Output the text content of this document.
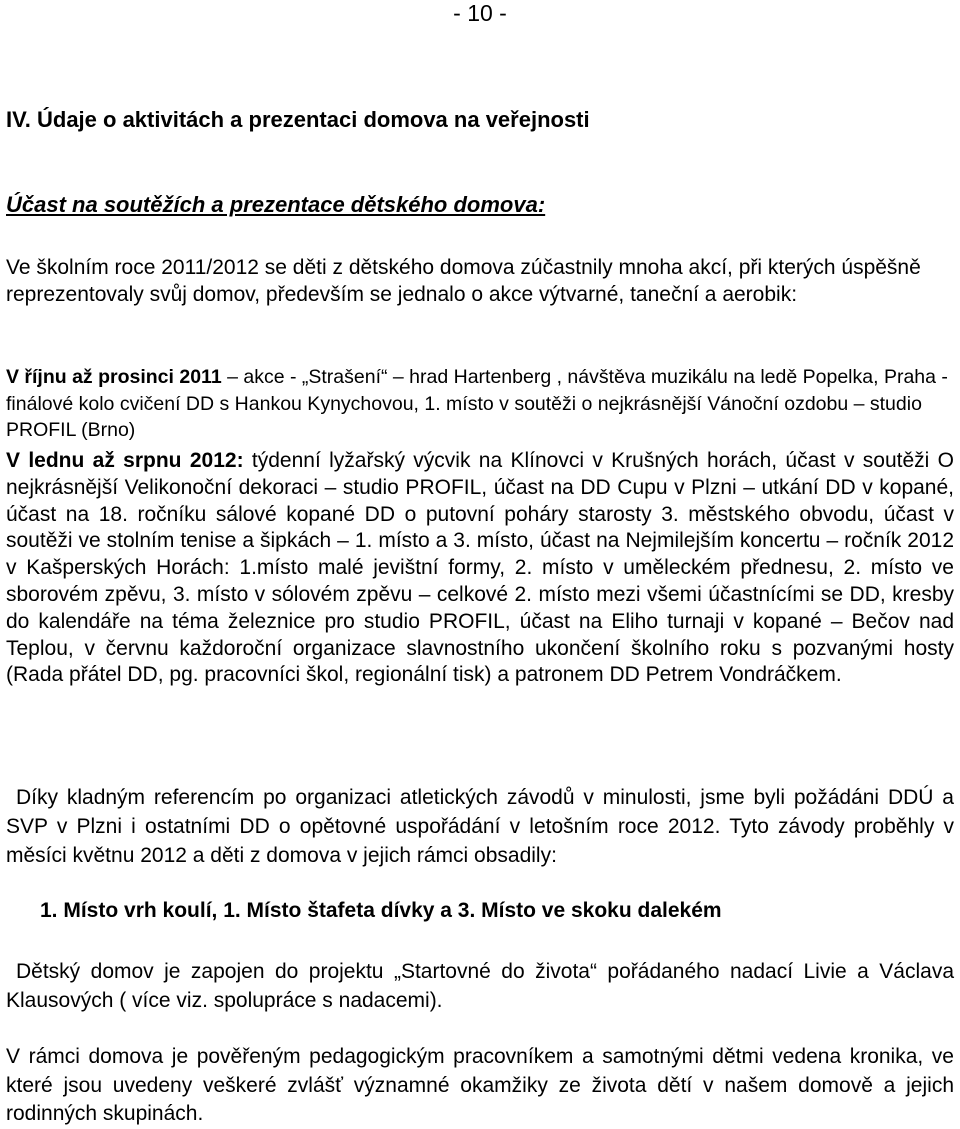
- 10 -
IV. Údaje o aktivitách a prezentaci domova na veřejnosti
Účast na soutěžích a prezentace dětského domova:

Ve školním roce 2011/2012 se děti z dětského domova zúčastnily mnoha akcí, při kterých úspěšně reprezentovaly svůj domov, především se jednalo o akce výtvarné, taneční a aerobik:

V říjnu až prosinci 2011 – akce - „Strašení“ – hrad Hartenberg , návštěva muzikálu na ledě Popelka, Praha - finálové kolo cvičení DD s Hankou Kynychovou, 1. místo v soutěži o nejkrásnější Vánoční ozdobu – studio PROFIL (Brno)

V lednu až srpnu 2012: týdenní lyžařský výcvik na Klínovci v Krušných horách, účast v soutěži O nejkrásnější Velikonoční dekoraci – studio PROFIL, účast na DD Cupu v Plzni – utkání DD v kopané, účast na 18. ročníku sálové kopané DD o putovní poháry starosty 3. městského obvodu, účast v soutěži ve stolním tenise a šipkách – 1. místo a 3. místo, účast na Nejmilejším koncertu – ročník 2012 v Kašperských Horách: 1.místo malé jevištní formy, 2. místo v uměleckém přednesu, 2. místo ve sborovém zpěvu, 3. místo v sólovém zpěvu – celkové 2. místo mezi všemi účastnícími se DD, kresby do kalendáře na téma železnice pro studio PROFIL, účast na Eliho turnaji v kopané – Bečov nad Teplou, v červnu každoroční organizace slavnostního ukončení školního roku s pozvanými hosty (Rada přátel DD, pg. pracovníci škol, regionální tisk) a patronem DD Petrem Vondráčkem.

Díky kladným referencím po organizaci atletických závodů v minulosti, jsme byli požádáni DDÚ a SVP v Plzni i ostatními DD o opětovné uspořádání v letošním roce 2012. Tyto závody proběhly v měsíci květnu 2012 a děti z domova v jejich rámci obsadily:

1. Místo vrh koulí, 1. Místo štafeta dívky a 3. Místo ve skoku dalekém

Dětský domov je zapojen do projektu „Startovné do života“ pořádaného nadací Livie a Václava Klausových ( více viz. spolupráce s nadacemi).

V rámci domova je pověřeným pedagogickým pracovníkem a samotnými dětmi vedena kronika, ve které jsou uvedeny veškeré zvlášť významné okamžiky ze života dětí v našem domově a jejich rodinných skupinách.
